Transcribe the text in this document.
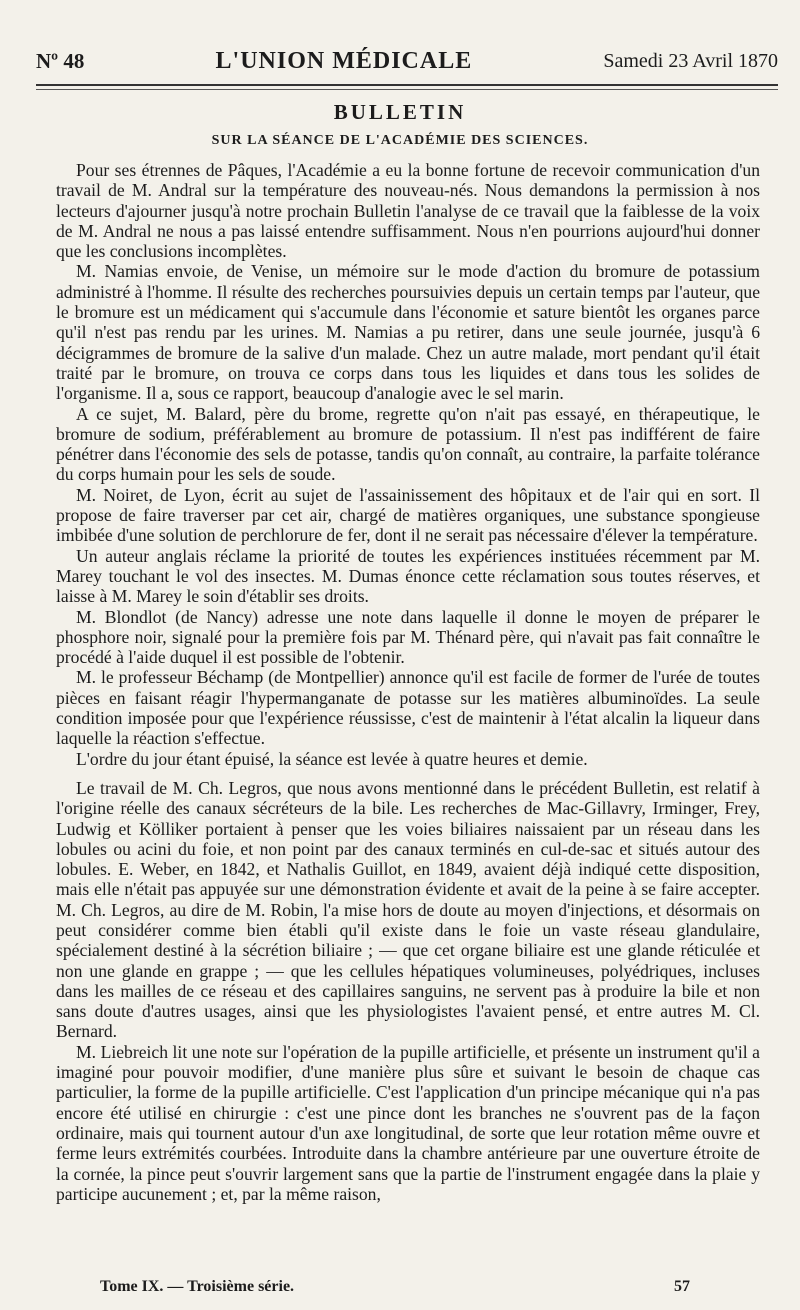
Nº 48	L'UNION MÉDICALE	Samedi 23 Avril 1870
BULLETIN
SUR LA SÉANCE DE L'ACADÉMIE DES SCIENCES.

Pour ses étrennes de Pâques, l'Académie a eu la bonne fortune de recevoir communication d'un travail de M. Andral sur la température des nouveau-nés. Nous demandons la permission à nos lecteurs d'ajourner jusqu'à notre prochain Bulletin l'analyse de ce travail que la faiblesse de la voix de M. Andral ne nous a pas laissé entendre suffisamment. Nous n'en pourrions aujourd'hui donner que les conclusions incomplètes.

M. Namias envoie, de Venise, un mémoire sur le mode d'action du bromure de potassium administré à l'homme. Il résulte des recherches poursuivies depuis un certain temps par l'auteur, que le bromure est un médicament qui s'accumule dans l'économie et sature bientôt les organes parce qu'il n'est pas rendu par les urines. M. Namias a pu retirer, dans une seule journée, jusqu'à 6 décigrammes de bromure de la salive d'un malade. Chez un autre malade, mort pendant qu'il était traité par le bromure, on trouva ce corps dans tous les liquides et dans tous les solides de l'organisme. Il a, sous ce rapport, beaucoup d'analogie avec le sel marin.

A ce sujet, M. Balard, père du brome, regrette qu'on n'ait pas essayé, en thérapeutique, le bromure de sodium, préférablement au bromure de potassium. Il n'est pas indifférent de faire pénétrer dans l'économie des sels de potasse, tandis qu'on connaît, au contraire, la parfaite tolérance du corps humain pour les sels de soude.

M. Noiret, de Lyon, écrit au sujet de l'assainissement des hôpitaux et de l'air qui en sort. Il propose de faire traverser par cet air, chargé de matières organiques, une substance spongieuse imbibée d'une solution de perchlorure de fer, dont il ne serait pas nécessaire d'élever la température.

Un auteur anglais réclame la priorité de toutes les expériences instituées récemment par M. Marey touchant le vol des insectes. M. Dumas énonce cette réclamation sous toutes réserves, et laisse à M. Marey le soin d'établir ses droits.

M. Blondlot (de Nancy) adresse une note dans laquelle il donne le moyen de préparer le phosphore noir, signalé pour la première fois par M. Thénard père, qui n'avait pas fait connaître le procédé à l'aide duquel il est possible de l'obtenir.

M. le professeur Béchamp (de Montpellier) annonce qu'il est facile de former de l'urée de toutes pièces en faisant réagir l'hypermanganate de potasse sur les matières albuminoïdes. La seule condition imposée pour que l'expérience réussisse, c'est de maintenir à l'état alcalin la liqueur dans laquelle la réaction s'effectue.

L'ordre du jour étant épuisé, la séance est levée à quatre heures et demie.

Le travail de M. Ch. Legros, que nous avons mentionné dans le précédent Bulletin, est relatif à l'origine réelle des canaux sécréteurs de la bile. Les recherches de Mac-Gillavry, Irminger, Frey, Ludwig et Kölliker portaient à penser que les voies biliaires naissaient par un réseau dans les lobules ou acini du foie, et non point par des canaux terminés en cul-de-sac et situés autour des lobules. E. Weber, en 1842, et Nathalis Guillot, en 1849, avaient déjà indiqué cette disposition, mais elle n'était pas appuyée sur une démonstration évidente et avait de la peine à se faire accepter. M. Ch. Legros, au dire de M. Robin, l'a mise hors de doute au moyen d'injections, et désormais on peut considérer comme bien établi qu'il existe dans le foie un vaste réseau glandulaire, spécialement destiné à la sécrétion biliaire ; — que cet organe biliaire est une glande réticulée et non une glande en grappe ; — que les cellules hépatiques volumineuses, polyédriques, incluses dans les mailles de ce réseau et des capillaires sanguins, ne servent pas à produire la bile et non sans doute d'autres usages, ainsi que les physiologistes l'avaient pensé, et entre autres M. Cl. Bernard.

M. Liebreich lit une note sur l'opération de la pupille artificielle, et présente un instrument qu'il a imaginé pour pouvoir modifier, d'une manière plus sûre et suivant le besoin de chaque cas particulier, la forme de la pupille artificielle. C'est l'application d'un principe mécanique qui n'a pas encore été utilisé en chirurgie : c'est une pince dont les branches ne s'ouvrent pas de la façon ordinaire, mais qui tournent autour d'un axe longitudinal, de sorte que leur rotation même ouvre et ferme leurs extrémités courbées. Introduite dans la chambre antérieure par une ouverture étroite de la cornée, la pince peut s'ouvrir largement sans que la partie de l'instrument engagée dans la plaie y participe aucunement ; et, par la même raison,

Tome IX. — Troisième série.	57
